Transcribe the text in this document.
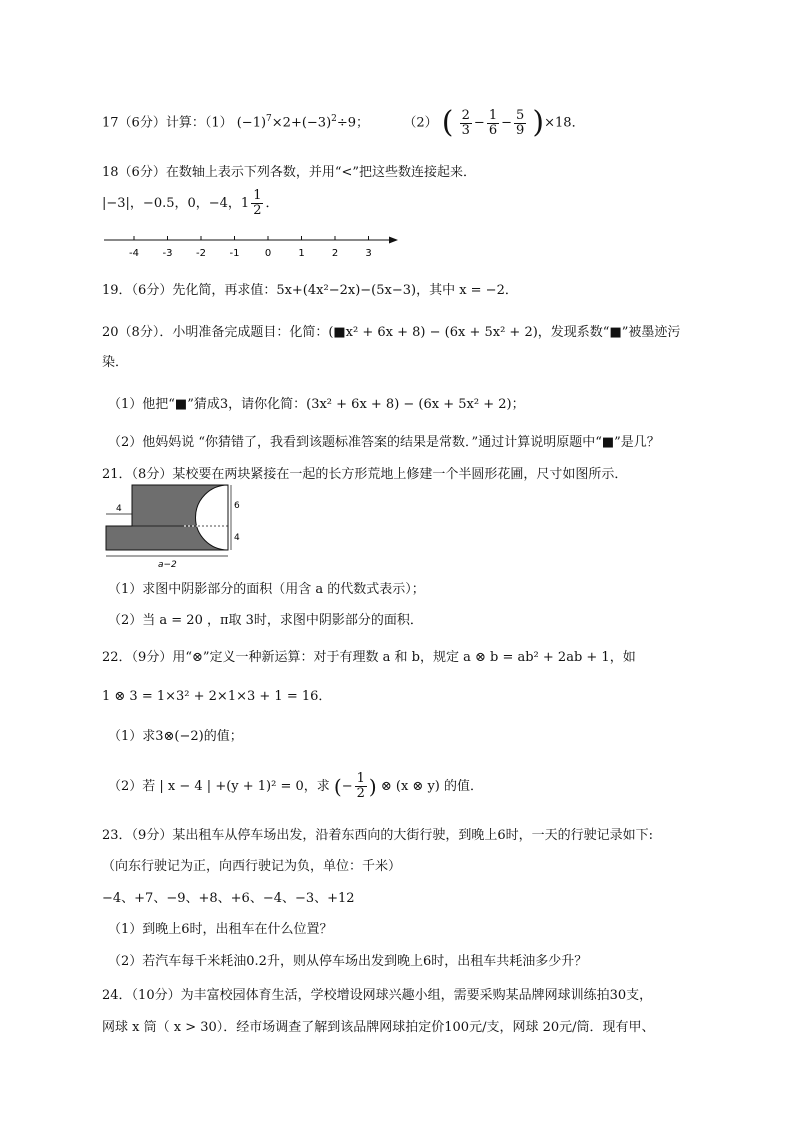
17（6分）计算：（1） $(-1)^7\times 2+(-3)^2\div 9$；	（2） ( $\frac{2}{3} - \frac{1}{6} - \frac{5}{9} )\times 18$．
18（6分）在数轴上表示下列各数，并用“<”把这些数连接起来．
|−3|，−0.5，0，−4，$1 \frac{1}{2}$ ．
-4 -3 -2 -1	0	1	2	3
19．（6分）先化简，再求值：5x+(4x²−2x)−(5x−3)，其中 x = −2．
20（8分）．小明准备完成题目：化简：(■x² + 6x + 8) − (6x + 5x² + 2)，发现系数“■”被墨迹污
染．
（1）他把“■”猜成3，请你化简：(3x² + 6x + 8) − (6x + 5x² + 2)；
（2）他妈妈说 “你猜错了，我看到该题标准答案的结果是常数．”通过计算说明原题中“■”是几？
21．（8分）某校要在两块紧接在一起的长方形荒地上修建一个半圆形花圃，尺寸如图所示．
4	6
4
a−2
（1）求图中阴影部分的面积（用含 a 的代数式表示）；
（2）当 a = 20 ，π取 3时，求图中阴影部分的面积．
22．（9分）用“⊗”定义一种新运算：对于有理数 a 和 b，规定 a ⊗ b = ab² + 2ab + 1，如
1 ⊗ 3 = 1×3² + 2×1×3 + 1 = 16．
（1）求3⊗(−2)的值；
（2）若 | x − 4 | +(y + 1)² = 0，求 (− $\frac{1}{2}$ ) ⊗ (x ⊗ y) 的值．
23．（9分）某出租车从停车场出发，沿着东西向的大街行驶，到晚上6时，一天的行驶记录如下:
（向东行驶记为正，向西行驶记为负，单位：千米）
−4、+7、−9、+8、+6、−4、−3、+12
（1）到晚上6时，出租车在什么位置？
（2）若汽车每千米耗油0.2升，则从停车场出发到晚上6时，出租车共耗油多少升？
24．（10分）为丰富校园体育生活，学校增设网球兴趣小组，需要采购某品牌网球训练拍30支，
网球 x 筒（ x > 30）．经市场调查了解到该品牌网球拍定价100元/支，网球 20元/筒．现有甲、
